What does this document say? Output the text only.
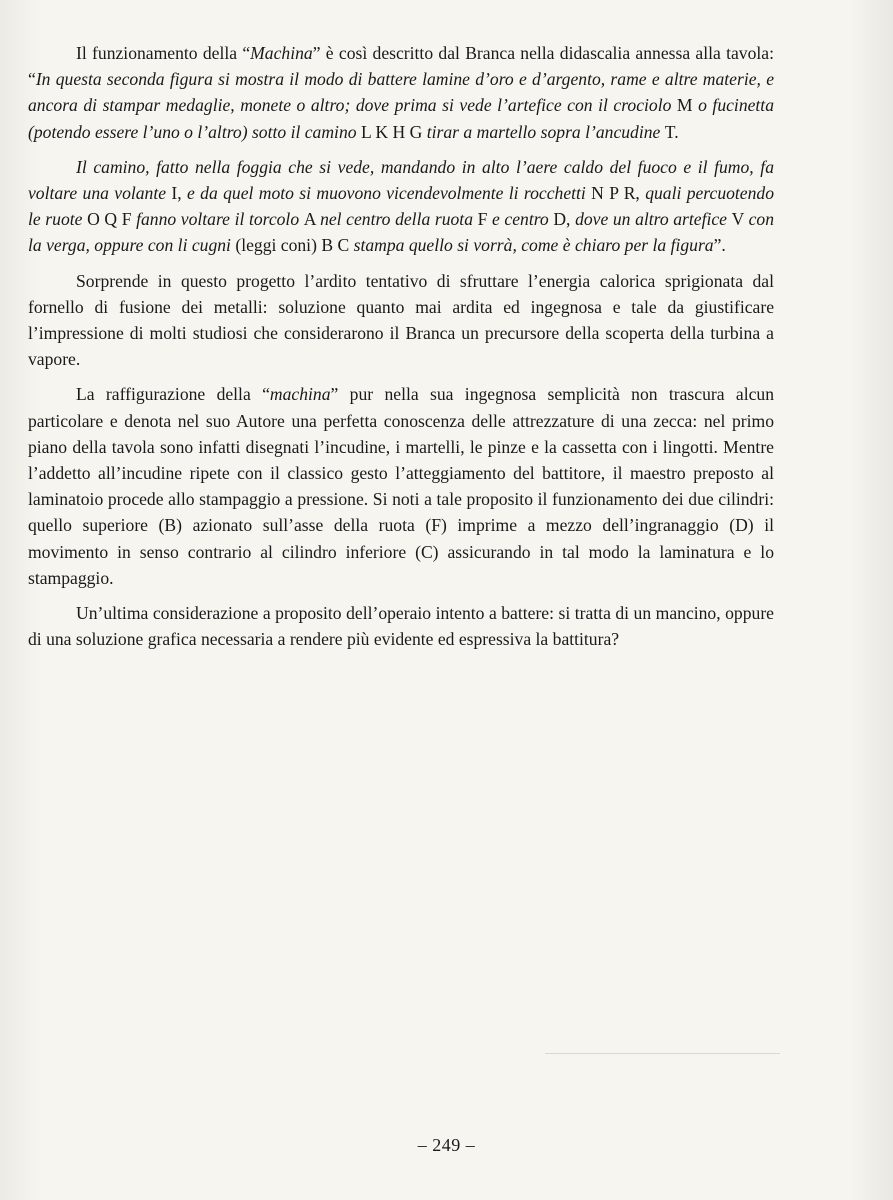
Il funzionamento della “Machina” è così descritto dal Branca nella didascalia annessa alla tavola: “In questa seconda figura si mostra il modo di battere lamine d’oro e d’argento, rame e altre materie, e ancora di stampar medaglie, monete o altro; dove prima si vede l’artefice con il crociolo M o fucinetta (potendo essere l’uno o l’altro) sotto il camino L K H G tirar a martello sopra l’ancudine T.

Il camino, fatto nella foggia che si vede, mandando in alto l’aere caldo del fuoco e il fumo, fa voltare una volante I, e da quel moto si muovono vicendevolmente li rocchetti N P R, quali percuotendo le ruote O Q F fanno voltare il torcolo A nel centro della ruota F e centro D, dove un altro artefice V con la verga, oppure con li cugni (leggi coni) B C stampa quello si vorrà, come è chiaro per la figura”.

Sorprende in questo progetto l’ardito tentativo di sfruttare l’energia calorica sprigionata dal fornello di fusione dei metalli: soluzione quanto mai ardita ed ingegnosa e tale da giustificare l’impressione di molti studiosi che considerarono il Branca un precursore della scoperta della turbina a vapore.

La raffigurazione della “machina” pur nella sua ingegnosa semplicità non trascura alcun particolare e denota nel suo Autore una perfetta conoscenza delle attrezzature di una zecca: nel primo piano della tavola sono infatti disegnati l’incudine, i martelli, le pinze e la cassetta con i lingotti. Mentre l’addetto all’incudine ripete con il classico gesto l’atteggiamento del battitore, il maestro preposto al laminatoio procede allo stampaggio a pressione. Si noti a tale proposito il funzionamento dei due cilindri: quello superiore (B) azionato sull’asse della ruota (F) imprime a mezzo dell’ingranaggio (D) il movimento in senso contrario al cilindro inferiore (C) assicurando in tal modo la laminatura e lo stampaggio.

Un’ultima considerazione a proposito dell’operaio intento a battere: si tratta di un mancino, oppure di una soluzione grafica necessaria a rendere più evidente ed espressiva la battitura?

– 249 –
